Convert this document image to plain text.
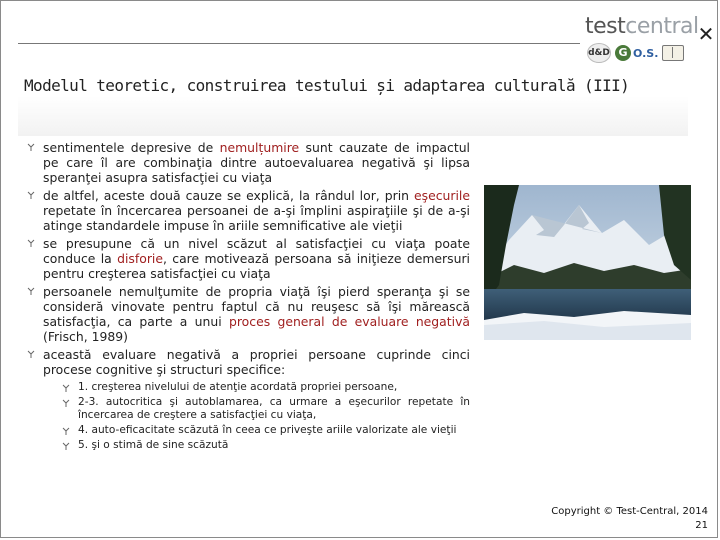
testcentral
d&D G O.S.
✕
Modelul teoretic, construirea testului și adaptarea culturală (III)
sentimentele depresive de nemulțumire sunt cauzate de impactul pe care îl are combinaţia dintre autoevaluarea negativă şi lipsa speranţei asupra satisfacţiei cu viaţa
de altfel, aceste două cauze se explică, la rândul lor, prin eşecurile repetate în încercarea persoanei de a-şi împlini aspiraţiile şi de a-şi atinge standardele impuse în ariile semnificative ale vieţii
se presupune că un nivel scăzut al satisfacţiei cu viaţa poate conduce la disforie, care motivează persoana să iniţieze demersuri pentru creşterea satisfacţiei cu viaţa
persoanele nemulţumite de propria viaţă îşi pierd speranţa şi se consideră vinovate pentru faptul că nu reuşesc să îşi mărească satisfacţia, ca parte a unui proces general de evaluare negativă (Frisch, 1989)
această evaluare negativă a propriei persoane cuprinde cinci procese cognitive şi structuri specifice:
1. creşterea nivelului de atenţie acordată propriei persoane,
2-3. autocritica şi autoblamarea, ca urmare a eşecurilor repetate în încercarea de creştere a satisfacţiei cu viaţa,
4. auto-eficacitate scăzută în ceea ce priveşte ariile valorizate ale vieţii
5. şi o stimă de sine scăzută
Copyright © Test-Central, 2014
21
